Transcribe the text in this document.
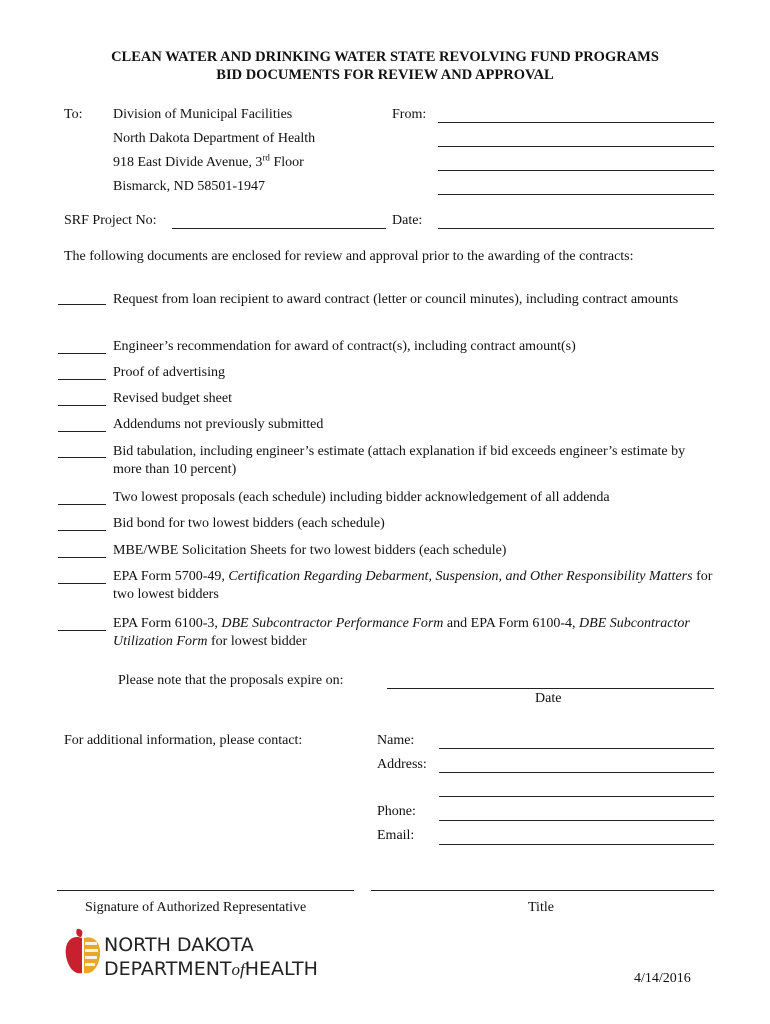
CLEAN WATER AND DRINKING WATER STATE REVOLVING FUND PROGRAMS
BID DOCUMENTS FOR REVIEW AND APPROVAL
To: Division of Municipal Facilities
North Dakota Department of Health
918 East Divide Avenue, 3rd Floor
Bismarck, ND 58501-1947
From:
SRF Project No:	Date:
The following documents are enclosed for review and approval prior to the awarding of the contracts:
Request from loan recipient to award contract (letter or council minutes), including contract amounts
Engineer’s recommendation for award of contract(s), including contract amount(s)
Proof of advertising
Revised budget sheet
Addendums not previously submitted
Bid tabulation, including engineer’s estimate (attach explanation if bid exceeds engineer’s estimate by more than 10 percent)
Two lowest proposals (each schedule) including bidder acknowledgement of all addenda
Bid bond for two lowest bidders (each schedule)
MBE/WBE Solicitation Sheets for two lowest bidders (each schedule)
EPA Form 5700-49, Certification Regarding Debarment, Suspension, and Other Responsibility Matters for two lowest bidders
EPA Form 6100-3, DBE Subcontractor Performance Form and EPA Form 6100-4, DBE Subcontractor Utilization Form for lowest bidder
Please note that the proposals expire on:
Date
For additional information, please contact:	Name:
Address:
Phone:
Email:
Signature of Authorized Representative	Title
NORTH DAKOTA
DEPARTMENTofHEALTH	4/14/2016
